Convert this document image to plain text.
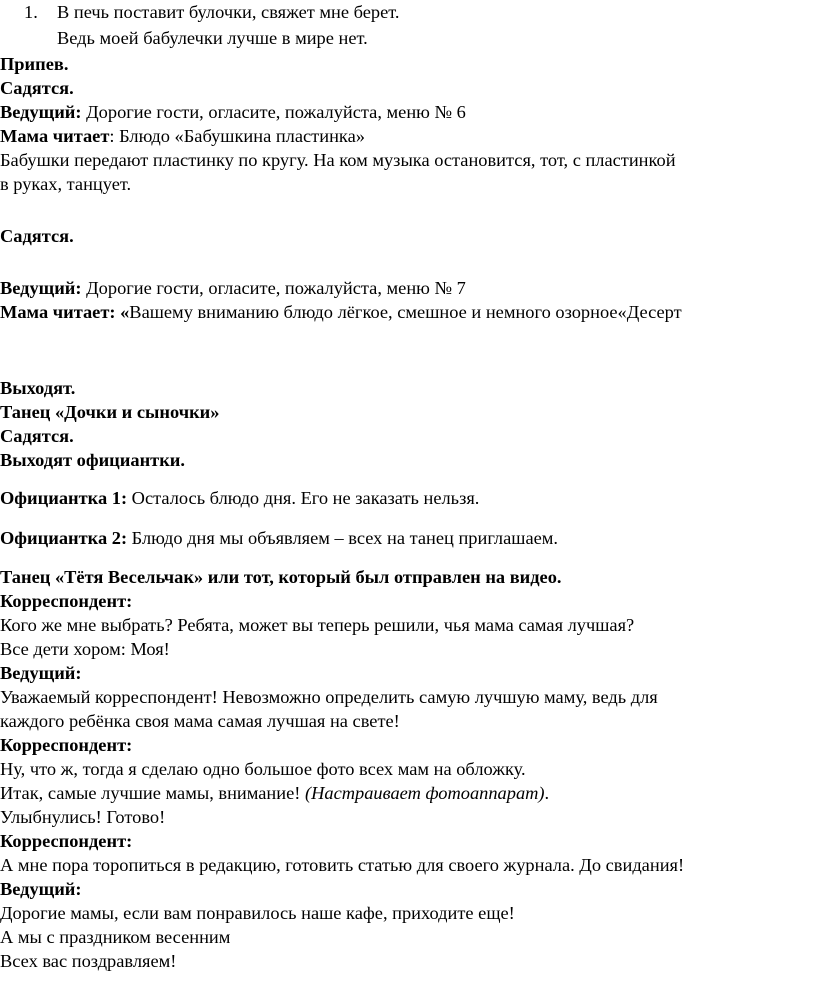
1. В печь поставит булочки, свяжет мне берет.
Ведь моей бабулечки лучше в мире нет.
Припев.
Садятся.
Ведущий: Дорогие гости, огласите, пожалуйста, меню № 6
Мама читает: Блюдо «Бабушкина пластинка»
Бабушки передают пластинку по кругу. На ком музыка остановится, тот, с пластинкой
в руках, танцует.
Садятся.
Ведущий: Дорогие гости, огласите, пожалуйста, меню № 7
Мама читает: «Вашему вниманию блюдо лёгкое, смешное и немного озорное«Десерт
Выходят.
Танец «Дочки и сыночки»
Садятся.
Выходят официантки.
Официантка 1: Осталось блюдо дня. Его не заказать нельзя.
Официантка 2: Блюдо дня мы объявляем – всех на танец приглашаем.
Танец «Тётя Весельчак» или тот, который был отправлен на видео.
Корреспондент:
Кого же мне выбрать? Ребята, может вы теперь решили, чья мама самая лучшая?
Все дети хором: Моя!
Ведущий:
Уважаемый корреспондент! Невозможно определить самую лучшую маму, ведь для
каждого ребёнка своя мама самая лучшая на свете!
Корреспондент:
Ну, что ж, тогда я сделаю одно большое фото всех мам на обложку.
Итак, самые лучшие мамы, внимание! (Настраивает фотоаппарат).
Улыбнулись! Готово!
Корреспондент:
А мне пора торопиться в редакцию, готовить статью для своего журнала. До свидания!
Ведущий:
Дорогие мамы, если вам понравилось наше кафе, приходите еще!
А мы с праздником весенним
Всех вас поздравляем!
